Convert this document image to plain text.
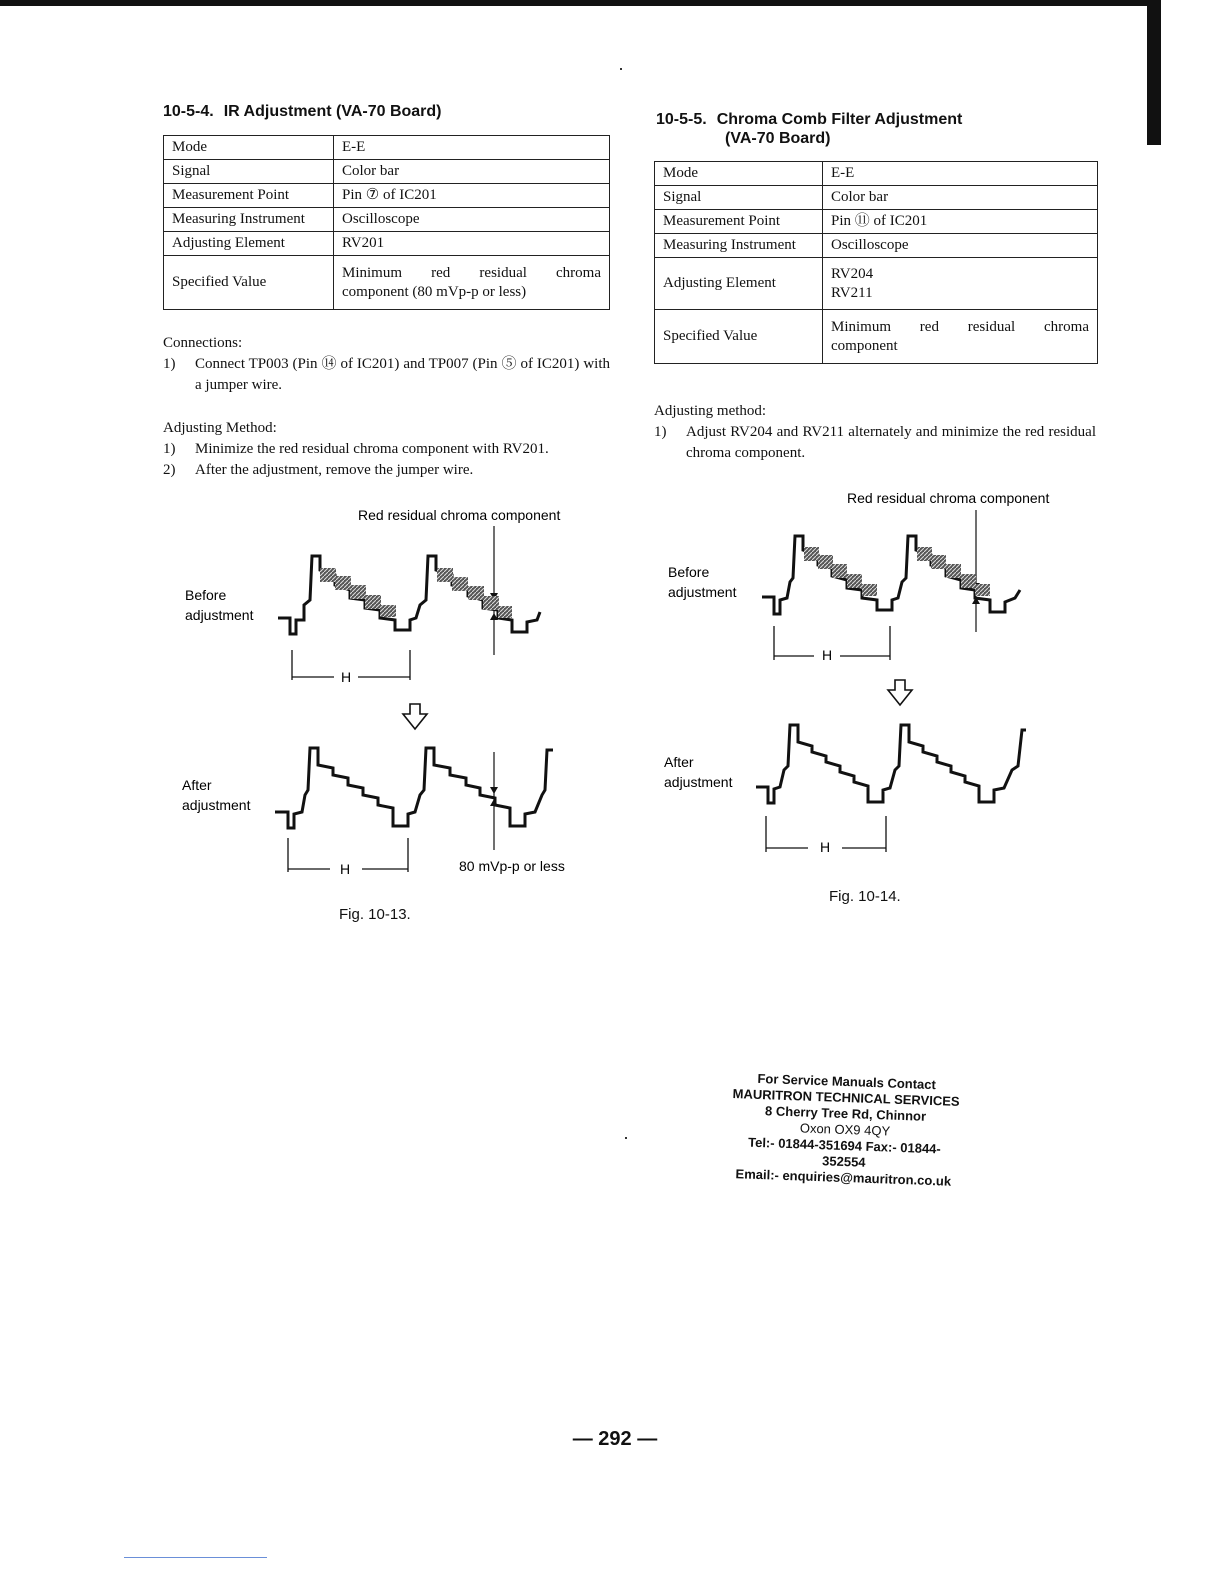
10-5-4. IR Adjustment (VA-70 Board)
Mode	E-E
Signal	Color bar
Measurement Point	Pin ⑦ of IC201
Measuring Instrument	Oscilloscope
Adjusting Element	RV201
Specified Value	Minimum red residual chroma
component (80 mVp-p or less)
Connections:
1)	Connect TP003 (Pin ⑭ of IC201) and TP007 (Pin ⑤ of IC201) with a jumper wire.
Adjusting Method:
1)	Minimize the red residual chroma component with RV201.
2)	After the adjustment, remove the jumper wire.
Red residual chroma component
Before
adjustment
H
After
adjustment
H	80 mVp-p or less
Red residual chroma component
Before
adjustment
H
After
adjustment
H
Fig. 10-13.
Fig. 10-14.
10-5-5. Chroma Comb Filter Adjustment
(VA-70 Board)
Mode	E-E
Signal	Color bar
Measurement Point	Pin ⑪ of IC201
Measuring Instrument	Oscilloscope
Adjusting Element	RV204
RV211
Specified Value	Minimum red residual chroma
component
Adjusting method:
1)	Adjust RV204 and RV211 alternately and minimize the red residual chroma component.
For Service Manuals Contact
MAURITRON TECHNICAL SERVICES
8 Cherry Tree Rd, Chinnor
Oxon OX9 4QY
Tel:- 01844-351694 Fax:- 01844-352554
Email:- enquiries@mauritron.co.uk
— 292 —
